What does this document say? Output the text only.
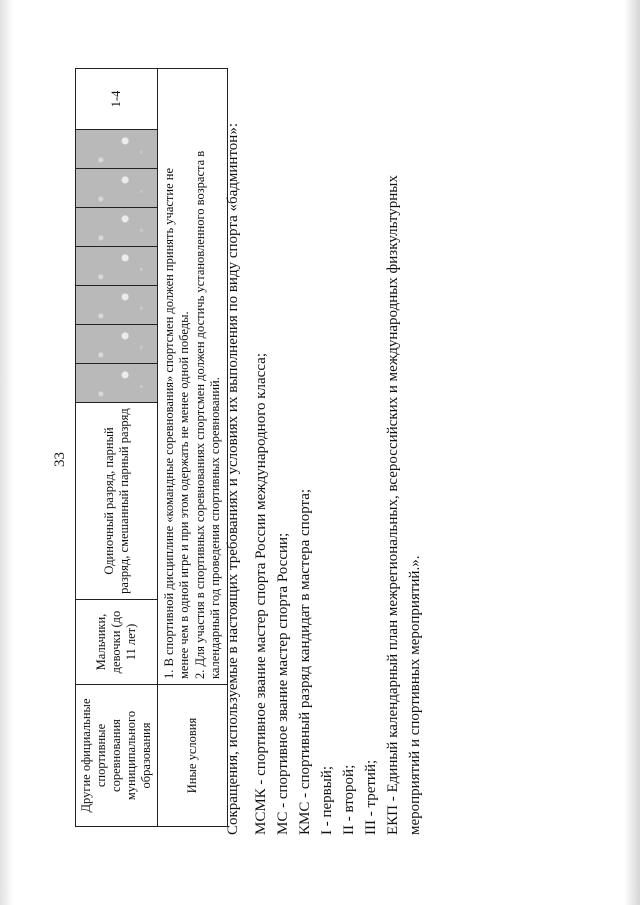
33
Другие официальные спортивные соревнования муниципального образования	Мальчики, девочки (до 11 лет)	Одиночный разряд, парный разряд, смешанный парный разряд								1-4
Иные условия	1. В спортивной дисциплине «командные соревнования» спортсмен должен принять участие не менее чем в одной игре и при этом одержать не менее одной победы. 2. Для участия в спортивных соревнованиях спортсмен должен достичь установленного возраста в календарный год проведения спортивных соревнований.									Сокращения, используемые в настоящих требованиях и условиях их выполнения по виду спорта «бадминтон»: МСМК - спортивное звание мастер спорта России международного класса; МС - спортивное звание мастер спорта России; КМС - спортивный разряд кандидат в мастера спорта; I - первый; II - второй; III - третий; ЕКП - Единый календарный план межрегиональных, всероссийских и международных физкультурных мероприятий и спортивных мероприятий.».
